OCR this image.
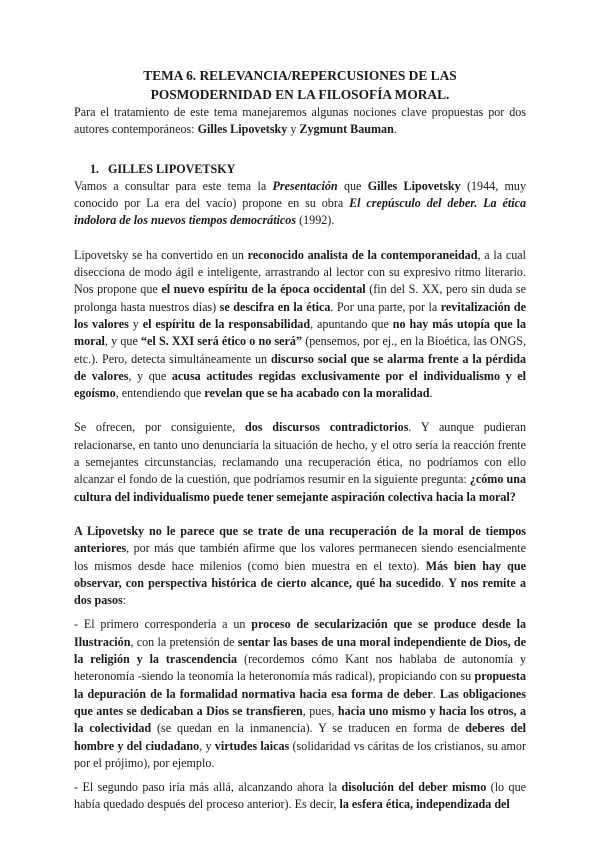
TEMA 6. RELEVANCIA/REPERCUSIONES DE LAS
POSMODERNIDAD EN LA FILOSOFÍA MORAL.

Para el tratamiento de este tema manejaremos algunas nociones clave propuestas por dos autores contemporáneos: Gilles Lipovetsky y Zygmunt Bauman.

1. GILLES LIPOVETSKY

Vamos a consultar para este tema la Presentación que Gilles Lipovetsky (1944, muy conocido por La era del vacío) propone en su obra El crepúsculo del deber. La ética indolora de los nuevos tiempos democráticos (1992).

Lipovetsky se ha convertido en un reconocido analista de la contemporaneidad, a la cual disecciona de modo ágil e inteligente, arrastrando al lector con su expresivo ritmo literario. Nos propone que el nuevo espíritu de la época occidental (fin del S. XX, pero sin duda se prolonga hasta nuestros días) se descifra en la ética. Por una parte, por la revitalización de los valores y el espíritu de la responsabilidad, apuntando que no hay más utopía que la moral, y que “el S. XXI será ético o no será” (pensemos, por ej., en la Bioética, las ONGS, etc.). Pero, detecta simultáneamente un discurso social que se alarma frente a la pérdida de valores, y que acusa actitudes regidas exclusivamente por el individualismo y el egoísmo, entendiendo que revelan que se ha acabado con la moralidad.

Se ofrecen, por consiguiente, dos discursos contradictorios. Y aunque pudieran relacionarse, en tanto uno denunciaría la situación de hecho, y el otro sería la reacción frente a semejantes circunstancias, reclamando una recuperación ética, no podríamos con ello alcanzar el fondo de la cuestión, que podríamos resumir en la siguiente pregunta: ¿cómo una cultura del individualismo puede tener semejante aspiración colectiva hacia la moral?

A Lipovetsky no le parece que se trate de una recuperación de la moral de tiempos anteriores, por más que también afirme que los valores permanecen siendo esencialmente los mismos desde hace milenios (como bien muestra en el texto). Más bien hay que observar, con perspectiva histórica de cierto alcance, qué ha sucedido. Y nos remite a dos pasos:

- El primero correspondería a un proceso de secularización que se produce desde la Ilustración, con la pretensión de sentar las bases de una moral independiente de Dios, de la religión y la trascendencia (recordemos cómo Kant nos hablaba de autonomía y heteronomía -siendo la teonomía la heteronomía más radical), propiciando con su propuesta la depuración de la formalidad normativa hacia esa forma de deber. Las obligaciones que antes se dedicaban a Dios se transfieren, pues, hacia uno mismo y hacia los otros, a la colectividad (se quedan en la inmanencia). Y se traducen en forma de deberes del hombre y del ciudadano, y virtudes laicas (solidaridad vs cáritas de los cristianos, su amor por el prójimo), por ejemplo.

- El segundo paso iría más allá, alcanzando ahora la disolución del deber mismo (lo que había quedado después del proceso anterior). Es decir, la esfera ética, independizada del
